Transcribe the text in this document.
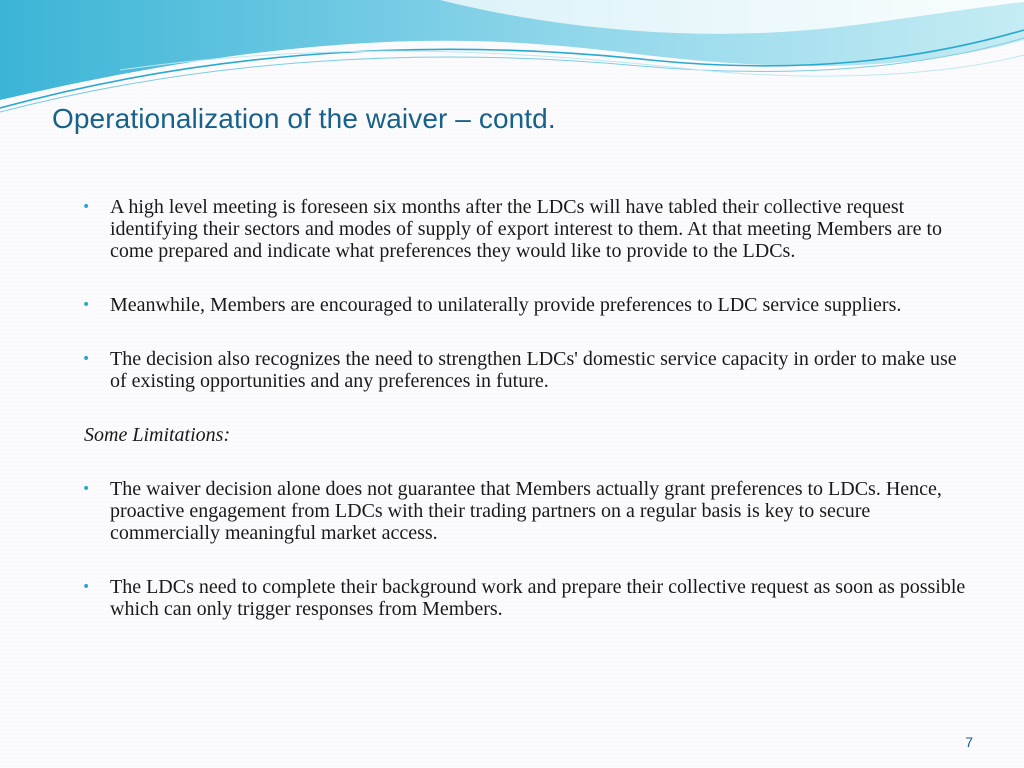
Operationalization of the waiver – contd.

• A high level meeting is foreseen six months after the LDCs will have tabled their collective request identifying their sectors and modes of supply of export interest to them. At that meeting Members are to come prepared and indicate what preferences they would like to provide to the LDCs.

• Meanwhile, Members are encouraged to unilaterally provide preferences to LDC service suppliers.

• The decision also recognizes the need to strengthen LDCs' domestic service capacity in order to make use of existing opportunities and any preferences in future.

Some Limitations:

• The waiver decision alone does not guarantee that Members actually grant preferences to LDCs. Hence, proactive engagement from LDCs with their trading partners on a regular basis is key to secure commercially meaningful market access.

• The LDCs need to complete their background work and prepare their collective request as soon as possible which can only trigger responses from Members.

7
